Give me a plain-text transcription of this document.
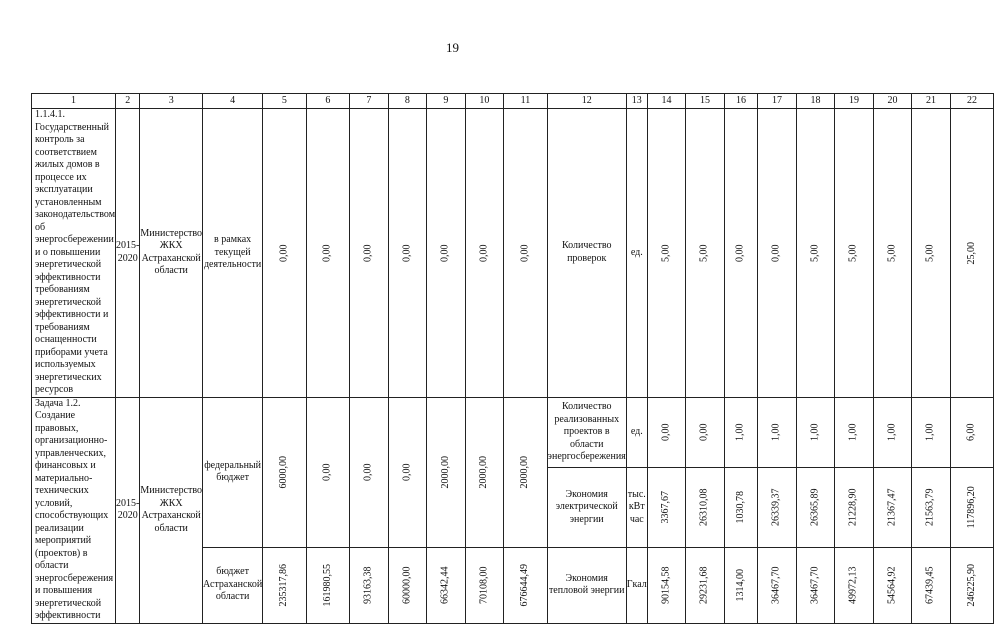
19
1	2	3	4	5	6	7	8	9	10	11	12	13	14	15	16	17	18	19	20	21	22
1.1.4.1. Государственный контроль за соответствием жилых домов в процессе их эксплуатации установленным законодательством об энергосбережении и о повышении энергетической эффективности требованиям энергетической эффективности и требованиям оснащенности приборами учета используемых энергетических ресурсов	2015-2020	Министерство ЖКХ Астраханской области	в рамках текущей деятельности	0,00	0,00	0,00	0,00	0,00	0,00	0,00	Количество проверок	ед.	5,00	5,00	0,00	0,00	5,00	5,00	5,00	5,00	25,00
Задача 1.2. Создание правовых, организационно-управленческих, финансовых и материально-технических условий, способствующих реализации мероприятий (проектов) в области энергосбережения и повышения энергетической эффективности	2015-2020	Министерство ЖКХ Астраханской области	федеральный бюджет	6000,00	0,00	0,00	0,00	2000,00	2000,00	2000,00	Количество реализованных проектов в области энергосбережения	ед.	0,00	0,00	1,00	1,00	1,00	1,00	1,00	1,00	6,00
											Экономия электрической энергии	тыс. кВт час	3367,67	26310,08	1030,78	26339,37	26365,89	21228,90	21367,47	21563,79	117896,20
			бюджет Астраханской области	235317,86	161980,55	93163,38	60000,00	66342,44	70108,00	676644,49	Экономия тепловой энергии	Гкал	90154,58	29231,68	1314,00	36467,70	36467,70	49972,13	54564,92	67439,45	246225,90
